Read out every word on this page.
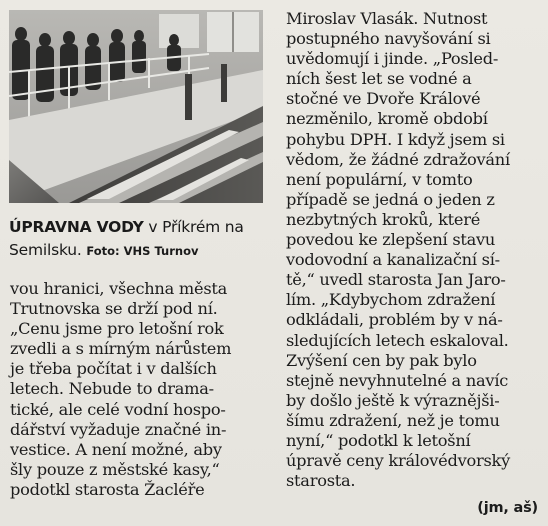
ÚPRAVNA VODY v Příkrém na
Semilsku. Foto: VHS Turnov
vou hranici, všechna města
Trutnovska se drží pod ní.
„Cenu jsme pro letošní rok
zvedli a s mírným nárůstem
je třeba počítat i v dalších
letech. Nebude to drama-
tické, ale celé vodní hospo-
dářství vyžaduje značné in-
vestice. A není možné, aby
šly pouze z městské kasy,“
podotkl starosta Žacléře
Miroslav Vlasák. Nutnost
postupného navyšování si
uvědomují i jinde. „Posled-
ních šest let se vodné a
stočné ve Dvoře Králové
nezměnilo, kromě období
pohybu DPH. I když jsem si
vědom, že žádné zdražování
není populární, v tomto
případě se jedná o jeden z
nezbytných kroků, které
povedou ke zlepšení stavu
vodovodní a kanalizační sí-
tě,“ uvedl starosta Jan Jaro-
lím. „Kdybychom zdražení
odkládali, problém by v ná-
sledujících letech eskaloval.
Zvýšení cen by pak bylo
stejně nevyhnutelné a navíc
by došlo ještě k výraznějši-
šímu zdražení, než je tomu
nyní,“ podotkl k letošní
úpravě ceny královédvorský
starosta.
(jm, aš)
